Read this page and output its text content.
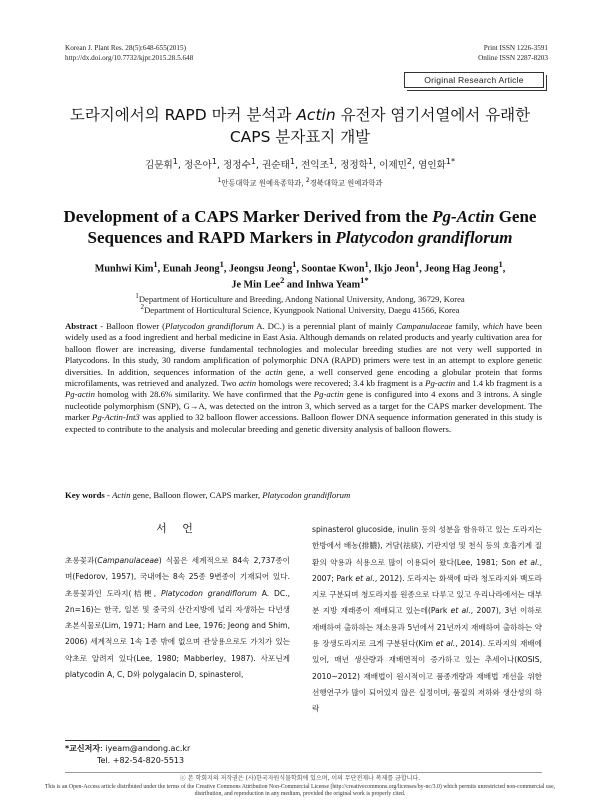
Korean J. Plant Res. 28(5):648-655(2015)
http://dx.doi.org/10.7732/kjpr.2015.28.5.648
Print ISSN 1226-3591
Online ISSN 2287-8203
Original Research Article
도라지에서의 RAPD 마커 분석과 Actin 유전자 염기서열에서 유래한
CAPS 분자표지 개발
김문휘$^1$, 정은아$^1$, 정정수$^1$, 권순태$^1$, 전익조$^1$, 정정학$^1$, 이제민$^2$, 염인화$^{1*}$
$^1$안동대학교 원예육종학과, $^2$경북대학교 원예과학과
Development of a CAPS Marker Derived from the Pg-Actin Gene
Sequences and RAPD Markers in Platycodon grandiflorum
Munhwi Kim$^1$, Eunah Jeong$^1$, Jeongsu Jeong$^1$, Soontae Kwon$^1$, Ikjo Jeon$^1$, Jeong Hag Jeong$^1$,
Je Min Lee$^2$ and Inhwa Yeam$^{1*}$
$^1$Department of Horticulture and Breeding, Andong National University, Andong, 36729, Korea
$^2$Department of Horticultural Science, Kyungpook National University, Daegu 41566, Korea
Abstract - Balloon flower (Platycodon grandiflorum A. DC.) is a perennial plant of mainly Campanulaceae family, which have been widely used as a food ingredient and herbal medicine in East Asia. Although demands on related products and yearly cultivation area for balloon flower are increasing, diverse fundamental technologies and molecular breeding studies are not very well supported in Platycodons. In this study, 30 random amplification of polymorphic DNA (RAPD) primers were test in an attempt to explore genetic diversities. In addition, sequences information of the actin gene, a well conserved gene encoding a globular protein that forms microfilaments, was retrieved and analyzed. Two actin homologs were recovered; 3.4 kb fragment is a Pg-actin and 1.4 kb fragment is a Pg-actin homolog with 28.6% similarity. We have confirmed that the Pg-actin gene is configured into 4 exons and 3 introns. A single nucleotide polymorphism (SNP), G→A, was detected on the intron 3, which served as a target for the CAPS marker development. The marker Pg-Actin-Int3 was applied to 32 balloon flower accessions. Balloon flower DNA sequence information generated in this study is expected to contribute to the analysis and molecular breeding and genetic diversity analysis of balloon flowers.
Key words - Actin gene, Balloon flower, CAPS marker, Platycodon grandiflorum
서 언
초롱꽃과(Campanulaceae) 식물은 세계적으로 84속 2,737종이며(Fedorov, 1957), 국내에는 8속 25종 9변종이 기재되어 있다. 초롱꽃과인 도라지(桔梗, Platycodon grandiflorum A. DC., 2n=16)는 한국, 일본 및 중국의 산간지방에 널리 자생하는 다년생 초본식물로(Lim, 1971; Harn and Lee, 1976; Jeong and Shim, 2006) 세계적으로 1속 1종 밖에 없으며 관상용으로도 가치가 있는 약초로 알려져 있다(Lee, 1980; Mabberley, 1987). 사포닌계 platycodin A, C, D와 polygalacin D, spinasterol,
spinasterol glucoside, inulin 등의 성분을 함유하고 있는 도라지는 한방에서 배농(排膿), 거담(祛痰), 기관지염 및 천식 등의 호흡기계 질환의 약용과 식용으로 많이 이용되어 왔다(Lee, 1981; Son et al., 2007; Park et al., 2012). 도라지는 화색에 따라 청도라지와 백도라지로 구분되며 청도라지를 원종으로 다루고 있고 우리나라에서는 대부분 지방 재래종이 재배되고 있는데(Park et al., 2007), 3년 이하로 재배하여 출하하는 채소용과 5년에서 21년까지 재배하여 출하하는 약용 장생도라지로 크게 구분된다(Kim et al., 2014). 도라지의 재배에 있어, 매년 생산량과 재배면적이 증가하고 있는 추세이나(KOSIS, 2010~2012) 재배법이 원시적이고 품종개량과 재배법 개선을 위한 선행연구가 많이 되어있지 않은 실정이며, 품질의 저하와 생산성의 하락
*교신저자: iyeam@andong.ac.kr
Tel. +82-54-820-5513
ⓒ 본 학회지의 저작권은 (사)한국자원식물학회에 있으며, 이의 무단전재나 복제를 금합니다.
This is an Open-Access article distributed under the terms of the Creative Commons Attribution Non-Commercial License (http://creativecommons.org/licenses/by-nc/3.0) which permits unrestricted non-commercial use, distribution, and reproduction in any medium, provided the original work is properly cited.
